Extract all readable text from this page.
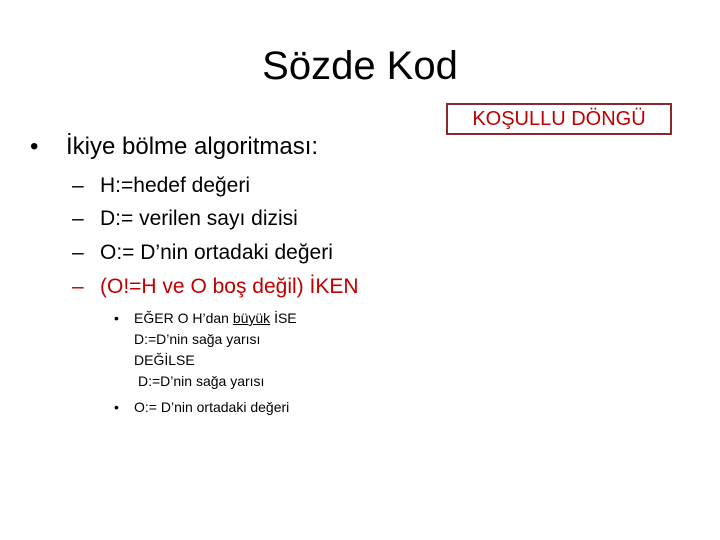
Sözde Kod
KOŞULLU DÖNGÜ
• İkiye bölme algoritması:
– H:=hedef değeri
– D:= verilen sayı dizisi
– O:= D’nin ortadaki değeri
– (O!=H ve O boş değil) İKEN
• EĞER O H’dan büyük İSE
D:=D’nin sağa yarısı
DEĞİLSE
D:=D’nin sağa yarısı
• O:= D’nin ortadaki değeri
